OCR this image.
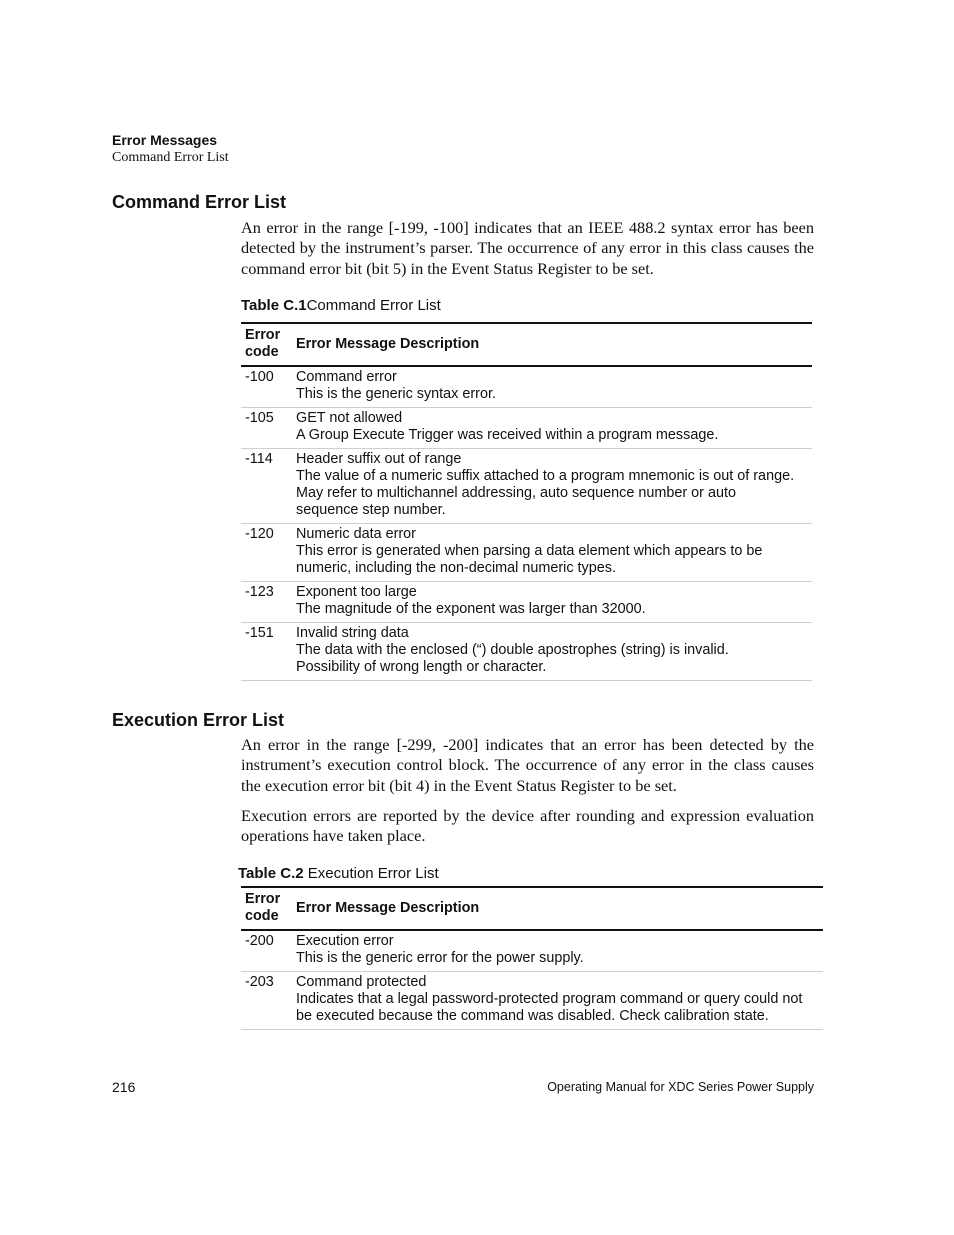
Error Messages
Command Error List
Command Error List

An error in the range [-199, -100] indicates that an IEEE 488.2 syntax error has been detected by the instrument’s parser. The occurrence of any error in this class causes the command error bit (bit 5) in the Event Status Register to be set.

Table C.1Command Error List
Error
code	Error Message Description
-100	Command error
This is the generic syntax error.

-105	GET not allowed
A Group Execute Trigger was received within a program message.

-114	Header suffix out of range
The value of a numeric suffix attached to a program mnemonic is out of range.
May refer to multichannel addressing, auto sequence number or auto
sequence step number.

-120	Numeric data error
This error is generated when parsing a data element which appears to be
numeric, including the non-decimal numeric types.

-123	Exponent too large
The magnitude of the exponent was larger than 32000.

-151	Invalid string data
The data with the enclosed (“) double apostrophes (string) is invalid.
Possibility of wrong length or character.
Execution Error List

An error in the range [-299, -200] indicates that an error has been detected by the instrument’s execution control block. The occurrence of any error in the class causes the execution error bit (bit 4) in the Event Status Register to be set.

Execution errors are reported by the device after rounding and expression evaluation operations have taken place.

Table C.2 Execution Error List
Error
code	Error Message Description
-200	Execution error
This is the generic error for the power supply.

-203	Command protected
Indicates that a legal password-protected program command or query could not
be executed because the command was disabled. Check calibration state.
216	Operating Manual for XDC Series Power Supply
